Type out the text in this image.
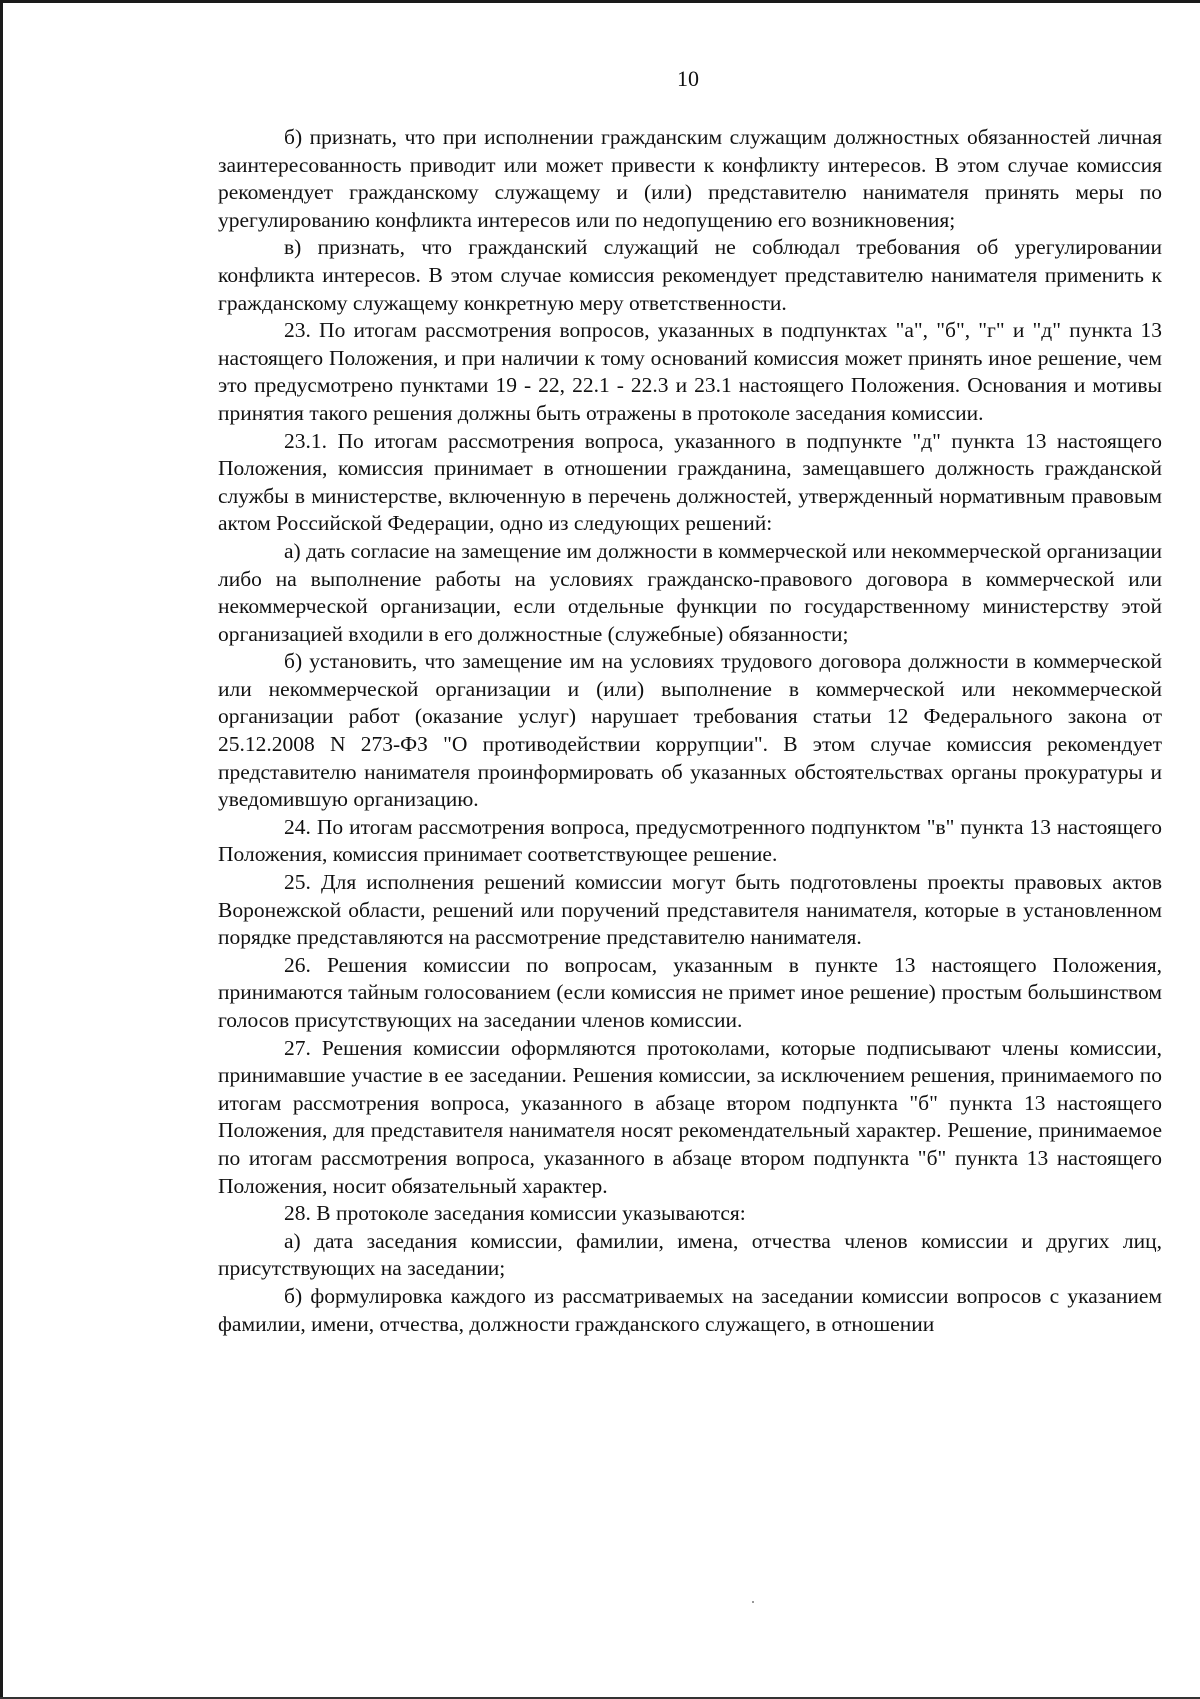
10

б) признать, что при исполнении гражданским служащим должностных обязанностей личная заинтересованность приводит или может привести к конфликту интересов. В этом случае комиссия рекомендует гражданскому служащему и (или) представителю нанимателя принять меры по урегулированию конфликта интересов или по недопущению его возникновения;

в) признать, что гражданский служащий не соблюдал требования об урегулировании конфликта интересов. В этом случае комиссия рекомендует представителю нанимателя применить к гражданскому служащему конкретную меру ответственности.

23. По итогам рассмотрения вопросов, указанных в подпунктах "а", "б", "г" и "д" пункта 13 настоящего Положения, и при наличии к тому оснований комиссия может принять иное решение, чем это предусмотрено пунктами 19 - 22, 22.1 - 22.3 и 23.1 настоящего Положения. Основания и мотивы принятия такого решения должны быть отражены в протоколе заседания комиссии.

23.1. По итогам рассмотрения вопроса, указанного в подпункте "д" пункта 13 настоящего Положения, комиссия принимает в отношении гражданина, замещавшего должность гражданской службы в министерстве, включенную в перечень должностей, утвержденный нормативным правовым актом Российской Федерации, одно из следующих решений:

а) дать согласие на замещение им должности в коммерческой или некоммерческой организации либо на выполнение работы на условиях гражданско-правового договора в коммерческой или некоммерческой организации, если отдельные функции по государственному министерству этой организацией входили в его должностные (служебные) обязанности;

б) установить, что замещение им на условиях трудового договора должности в коммерческой или некоммерческой организации и (или) выполнение в коммерческой или некоммерческой организации работ (оказание услуг) нарушает требования статьи 12 Федерального закона от 25.12.2008 N 273-ФЗ "О противодействии коррупции". В этом случае комиссия рекомендует представителю нанимателя проинформировать об указанных обстоятельствах органы прокуратуры и уведомившую организацию.

24. По итогам рассмотрения вопроса, предусмотренного подпунктом "в" пункта 13 настоящего Положения, комиссия принимает соответствующее решение.

25. Для исполнения решений комиссии могут быть подготовлены проекты правовых актов Воронежской области, решений или поручений представителя нанимателя, которые в установленном порядке представляются на рассмотрение представителю нанимателя.

26. Решения комиссии по вопросам, указанным в пункте 13 настоящего Положения, принимаются тайным голосованием (если комиссия не примет иное решение) простым большинством голосов присутствующих на заседании членов комиссии.

27. Решения комиссии оформляются протоколами, которые подписывают члены комиссии, принимавшие участие в ее заседании. Решения комиссии, за исключением решения, принимаемого по итогам рассмотрения вопроса, указанного в абзаце втором подпункта "б" пункта 13 настоящего Положения, для представителя нанимателя носят рекомендательный характер. Решение, принимаемое по итогам рассмотрения вопроса, указанного в абзаце втором подпункта "б" пункта 13 настоящего Положения, носит обязательный характер.

28. В протоколе заседания комиссии указываются:

а) дата заседания комиссии, фамилии, имена, отчества членов комиссии и других лиц, присутствующих на заседании;

б) формулировка каждого из рассматриваемых на заседании комиссии вопросов с указанием фамилии, имени, отчества, должности гражданского служащего, в отношении
